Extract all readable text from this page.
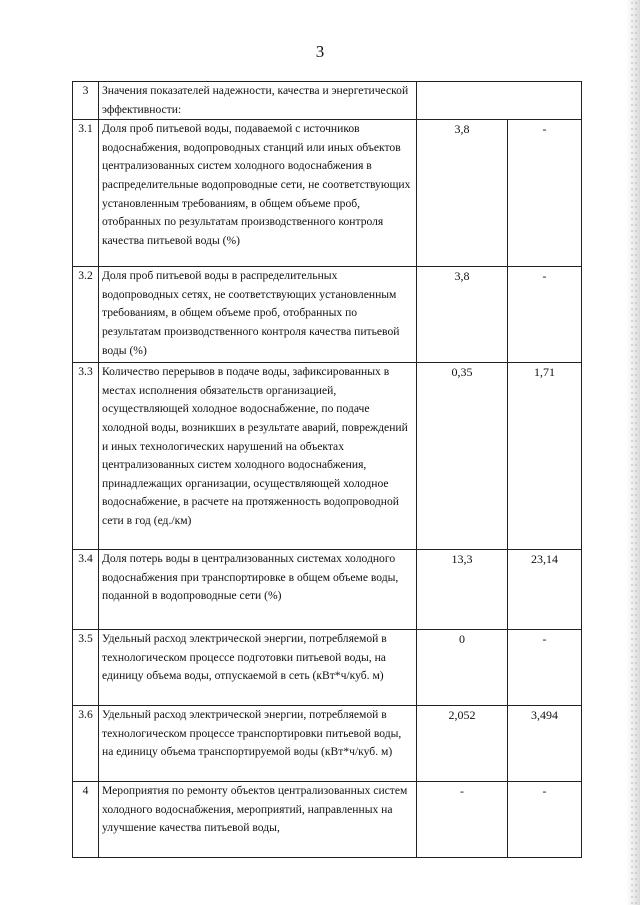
3
3	Значения показателей надежности, качества и энергетической эффективности:		
3.1	Доля проб питьевой воды, подаваемой с источников водоснабжения, водопроводных станций или иных объектов централизованных систем холодного водоснабжения в распределительные водопроводные сети, не соответствующих установленным требованиям, в общем объеме проб, отобранных по результатам производственного контроля качества питьевой воды (%)	3,8	-
3.2	Доля проб питьевой воды в распределительных водопроводных сетях, не соответствующих установленным требованиям, в общем объеме проб, отобранных по результатам производственного контроля качества питьевой воды (%)	3,8	-
3.3	Количество перерывов в подаче воды, зафиксированных в местах исполнения обязательств организацией, осуществляющей холодное водоснабжение, по подаче холодной воды, возникших в результате аварий, повреждений и иных технологических нарушений на объектах централизованных систем холодного водоснабжения, принадлежащих организации, осуществляющей холодное водоснабжение, в расчете на протяженность водопроводной сети в год (ед./км)	0,35	1,71
3.4	Доля потерь воды в централизованных системах холодного водоснабжения при транспортировке в общем объеме воды, поданной в водопроводные сети (%)	13,3	23,14
3.5	Удельный расход электрической энергии, потребляемой в технологическом процессе подготовки питьевой воды, на единицу объема воды, отпускаемой в сеть (кВт*ч/куб. м)	0	-
3.6	Удельный расход электрической энергии, потребляемой в технологическом процессе транспортировки питьевой воды, на единицу объема транспортируемой воды (кВт*ч/куб. м)	2,052	3,494
4	Мероприятия по ремонту объектов централизованных систем холодного водоснабжения, мероприятий, направленных на улучшение качества питьевой воды,	-	-
